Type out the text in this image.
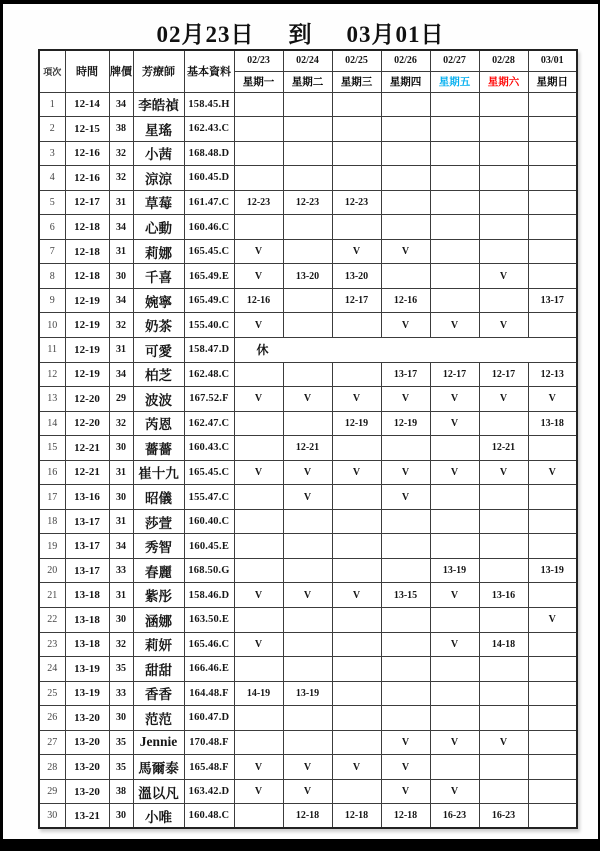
02月23日 到 03月01日
項次	時間	牌價	芳療師	基本資料	02/23	02/24	02/25	02/26	02/27	02/28	03/01
					星期一	星期二	星期三	星期四	星期五	星期六	星期日
1	12-14	34	李皓禎	158.45.H							
2	12-15	38	星瑤	162.43.C							
3	12-16	32	小茜	168.48.D							
4	12-16	32	涼涼	160.45.D							
5	12-17	31	草莓	161.47.C	12-23	12-23	12-23				
6	12-18	34	心動	160.46.C							
7	12-18	31	莉娜	165.45.C	V		V	V			
8	12-18	30	千喜	165.49.E	V	13-20	13-20			V	
9	12-19	34	婉寧	165.49.C	12-16		12-17	12-16			13-17
10	12-19	32	奶茶	155.40.C	V			V	V	V	
11	12-19	31	可愛	158.47.D	休						
12	12-19	34	柏芝	162.48.C				13-17	12-17	12-17	12-13
13	12-20	29	波波	167.52.F	V	V	V	V	V	V	V
14	12-20	32	芮恩	162.47.C			12-19	12-19	V		13-18
15	12-21	30	薔薔	160.43.C		12-21				12-21	
16	12-21	31	崔十九	165.45.C	V	V	V	V	V	V	V
17	13-16	30	昭儀	155.47.C		V		V			
18	13-17	31	莎萱	160.40.C							
19	13-17	34	秀智	160.45.E							
20	13-17	33	春麗	168.50.G					13-19		13-19
21	13-18	31	紫彤	158.46.D	V	V	V	13-15	V	13-16	
22	13-18	30	涵娜	163.50.E							V
23	13-18	32	莉妍	165.46.C	V				V	14-18	
24	13-19	35	甜甜	166.46.E							
25	13-19	33	香香	164.48.F	14-19	13-19					
26	13-20	30	范范	160.47.D							
27	13-20	35	Jennie	170.48.F				V	V	V	
28	13-20	35	馬爾泰	165.48.F	V	V	V	V			
29	13-20	38	溫以凡	163.42.D	V	V		V	V		
30	13-21	30	小唯	160.48.C		12-18	12-18	12-18	16-23	16-23	
